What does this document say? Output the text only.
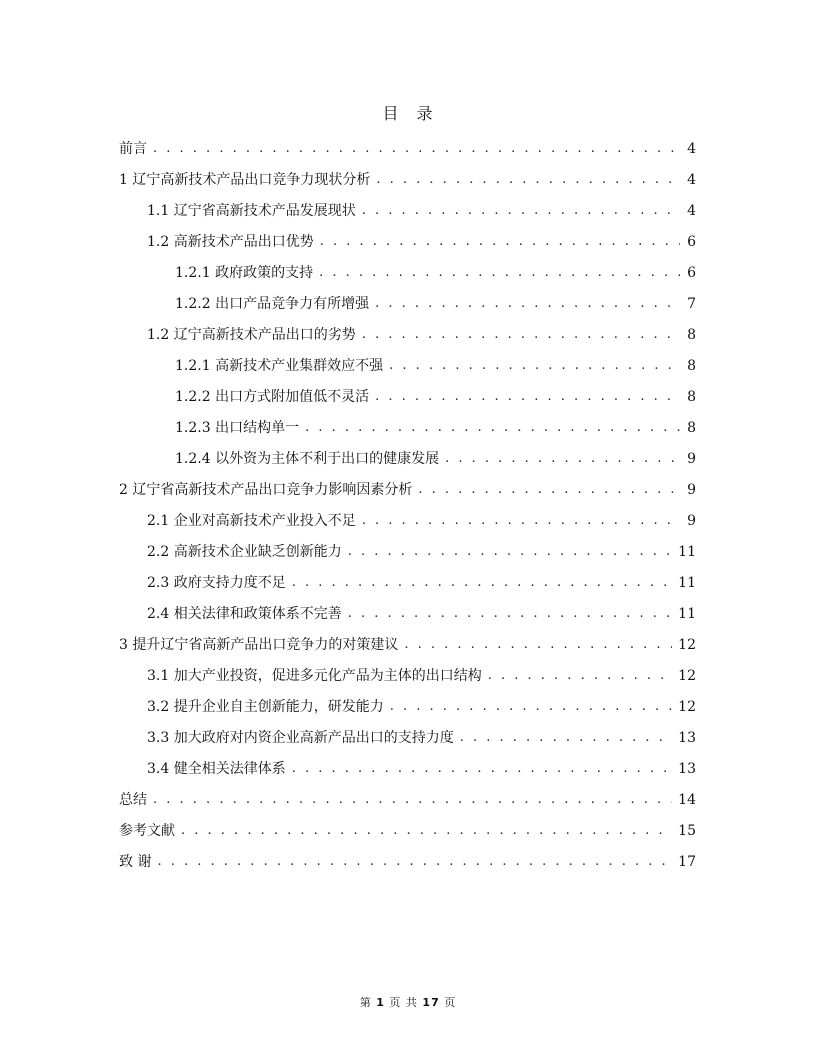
目　录
前言 . . .	4
1 辽宁高新技术产品出口竞争力现状分析 . . .	4
1.1 辽宁省高新技术产品发展现状 . . .	4
1.2 高新技术产品出口优势 . . .	6
1.2.1 政府政策的支持 . . .	6
1.2.2 出口产品竞争力有所增强 . . .	7
1.2 辽宁高新技术产品出口的劣势 . . .	8
1.2.1 高新技术产业集群效应不强 . . .	8
1.2.2 出口方式附加值低不灵活 . . .	8
1.2.3 出口结构单一 . . .	8
1.2.4 以外资为主体不利于出口的健康发展 . . .	9
2 辽宁省高新技术产品出口竞争力影响因素分析 . . .	9
2.1 企业对高新技术产业投入不足 . . .	9
2.2 高新技术企业缺乏创新能力 . . .	11
2.3 政府支持力度不足 . . .	11
2.4 相关法律和政策体系不完善 . . .	11
3 提升辽宁省高新产品出口竞争力的对策建议 . . .	12
3.1 加大产业投资，促进多元化产品为主体的出口结构 . . .	12
3.2 提升企业自主创新能力，研发能力 . . .	12
3.3 加大政府对内资企业高新产品出口的支持力度 . . .	13
3.4 健全相关法律体系 . . .	13
总结 . . .	14
参考文献 . . .	15
致 谢 . . .	17
第 1 页 共 17 页
